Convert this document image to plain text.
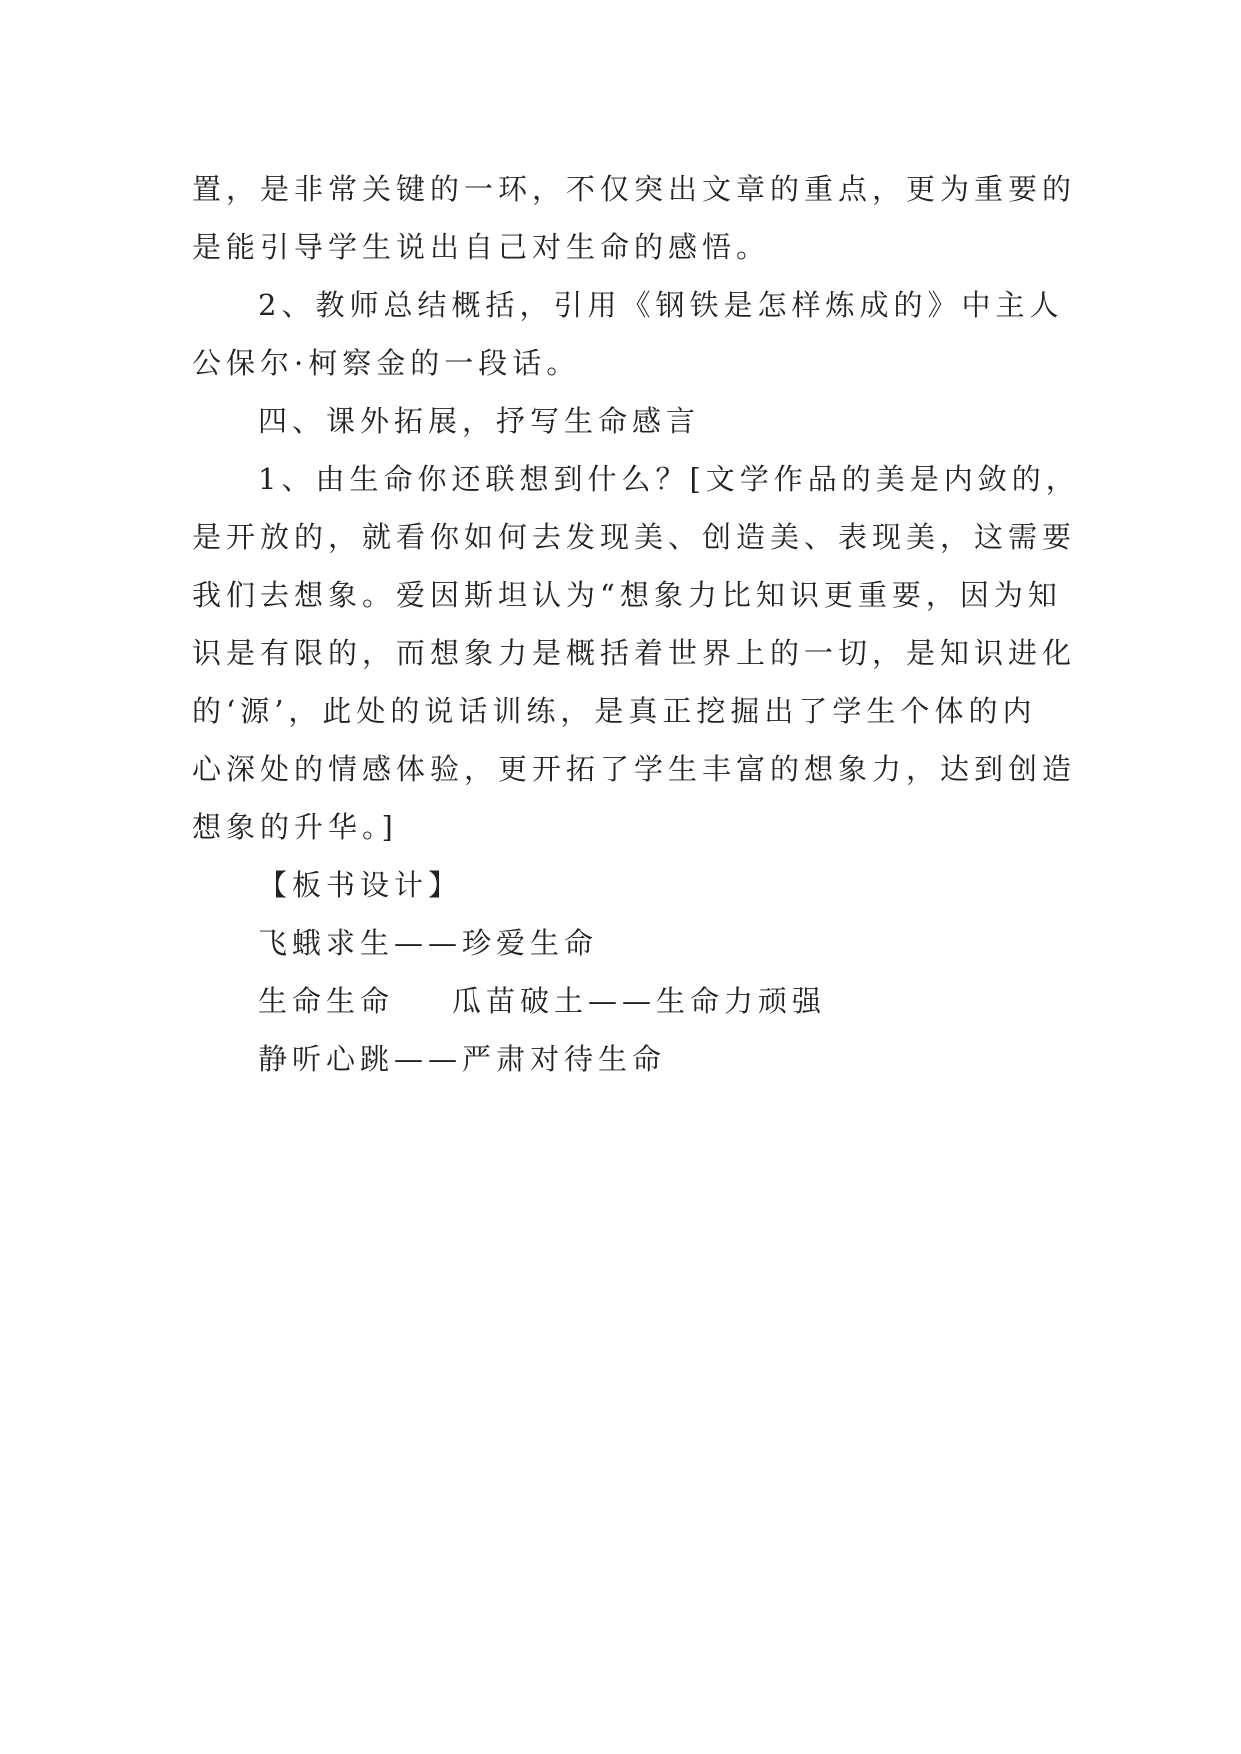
置，是非常关键的一环，不仅突出文章的重点，更为重要的
是能引导学生说出自己对生命的感悟。
2、教师总结概括，引用《钢铁是怎样炼成的》中主人
公保尔·柯察金的一段话。
四、课外拓展，抒写生命感言
1、由生命你还联想到什么？[文学作品的美是内敛的，
是开放的，就看你如何去发现美、创造美、表现美，这需要
我们去想象。爱因斯坦认为“想象力比知识更重要，因为知
识是有限的，而想象力是概括着世界上的一切，是知识进化
的‘源’，此处的说话训练，是真正挖掘出了学生个体的内
心深处的情感体验，更开拓了学生丰富的想象力，达到创造
想象的升华。]
【板书设计】
飞蛾求生——珍爱生命
生命生命 瓜苗破土——生命力顽强
静听心跳——严肃对待生命
